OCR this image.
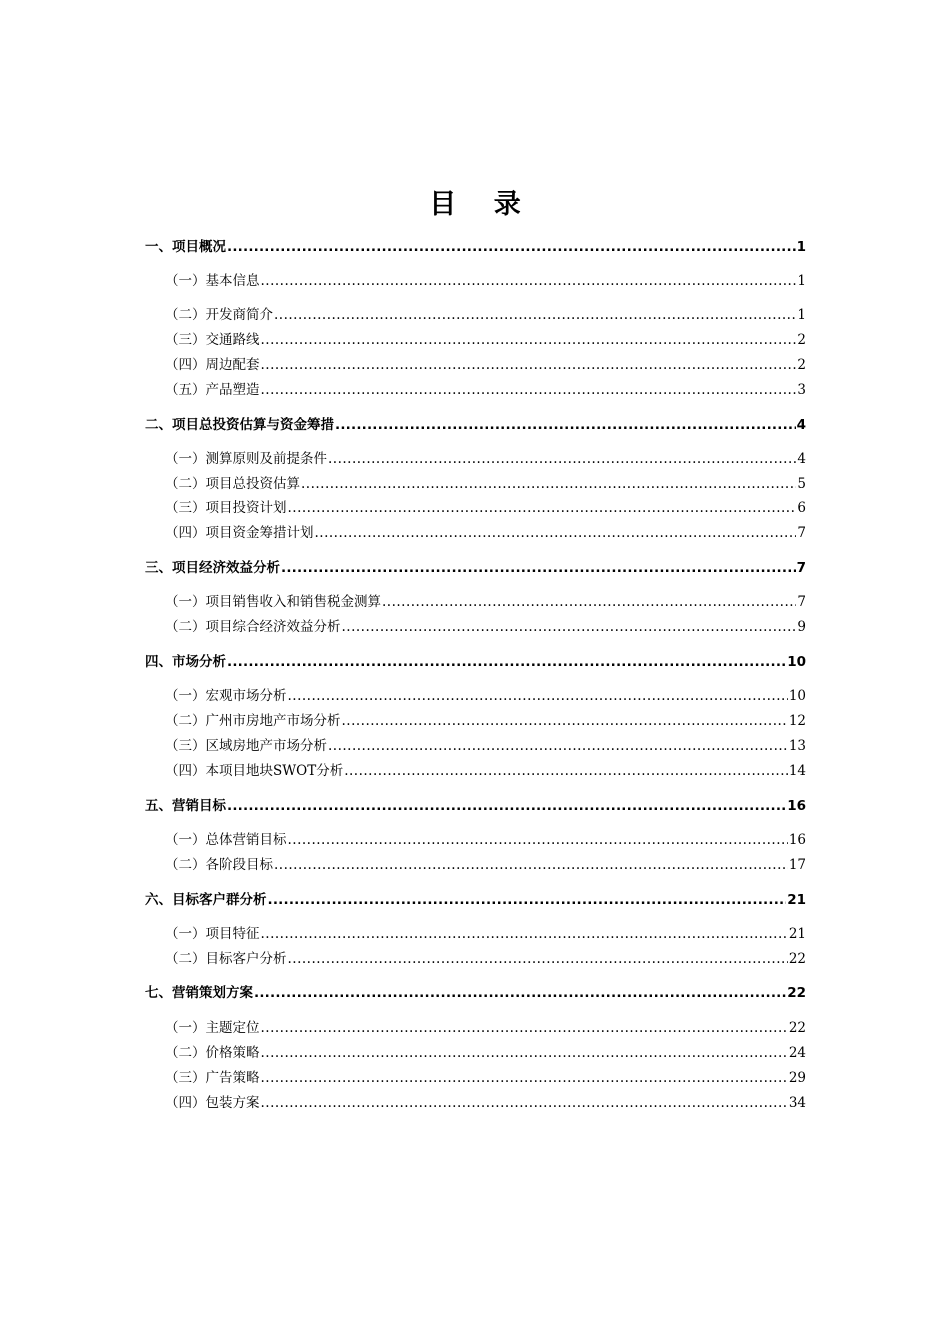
目 录
一、项目概况 .....	1
（一）基本信息 .....	1
（二）开发商简介 .....	1
（三）交通路线 .....	2
（四）周边配套 .....	2
（五）产品塑造 .....	3
二、项目总投资估算与资金筹措 .....	4
（一）测算原则及前提条件 .....	4
（二）项目总投资估算 .....	5
（三）项目投资计划 .....	6
（四）项目资金筹措计划 .....	7
三、项目经济效益分析 .....	7
（一）项目销售收入和销售税金测算 .....	7
（二）项目综合经济效益分析 .....	9
四、市场分析 .....	10
（一）宏观市场分析 .....	10
（二）广州市房地产市场分析 .....	12
（三）区域房地产市场分析 .....	13
（四）本项目地块SWOT分析 .....	14
五、营销目标 .....	16
（一）总体营销目标 .....	16
（二）各阶段目标 .....	17
六、目标客户群分析 .....	21
（一）项目特征 .....	21
（二）目标客户分析 .....	22
七、营销策划方案 .....	22
（一）主题定位 .....	22
（二）价格策略 .....	24
（三）广告策略 .....	29
（四）包装方案 .....	34
